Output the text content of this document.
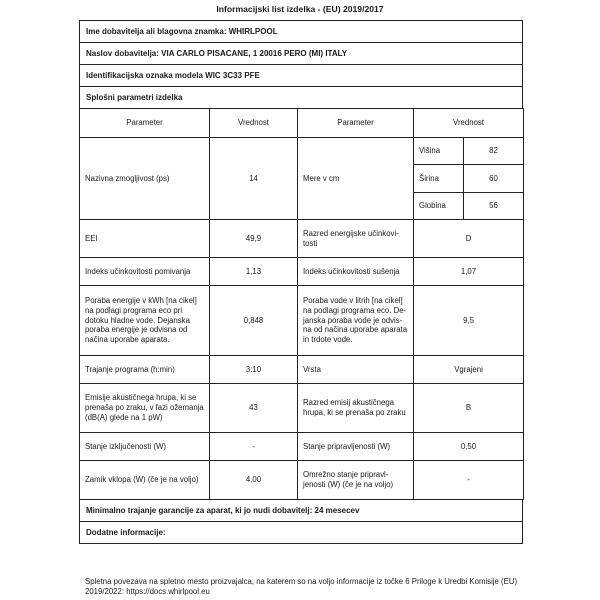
Informacijski list izdelka - (EU) 2019/2017
Ime dobavitelja ali blagovna znamka: WHIRLPOOL
Naslov dobavitelja: VIA CARLO PISACANE, 1 20016 PERO (MI) ITALY
Identifikacijska oznaka modela WIC 3C33 PFE
Splošni parametri izdelka
Parameter	Vrednost	Parameter	Vrednost	
Nazivna zmogljivost (ps)	14	Mere v cm	Višina	82
			Širina	60
			Globina	56
EEI	49,9	Razred energijske učinkovi-tosti	D	
Indeks učinkovitosti pomivanja	1,13	Indeks učinkovitosti sušenja	1,07	
Poraba energije v kWh [na cikel] na podlagi programa eco pri dotoku hladne vode. Dejanska poraba energije je odvisna od načina uporabe aparata.	0,848	Poraba vode v litrih [na cikel] na podlagi programa eco. De-janska poraba vode je odvis-na od načina uporabe aparata in trdote vode.	9,5	
Trajanje programa (h:min)	3:10	Vrsta	Vgrajeni	
Emisije akustičnega hrupa, ki se prenaša po zraku, v fazi ožemanja (dB(A) glede na 1 pW)	43	Razred emisij akustičnega hrupa, ki se prenaša po zraku	B	
Stanje izključenosti (W)	-	Stanje pripravljenosti (W)	0,50	
Zamik vklopa (W) (če je na voljo)	4,00	Omrežno stanje pripravl-jenosti (W) (če je na voljo)	-	
Minimalno trajanje garancije za aparat, ki jo nudi dobavitelj: 24 mesecev
Dodatne informacije:
Spletna povezava na spletno mesto proizvajalca, na katerem so na voljo informacije iz točke 6 Priloge k Uredbi Komisije (EU) 2019/2022: https://docs.whirlpool.eu
